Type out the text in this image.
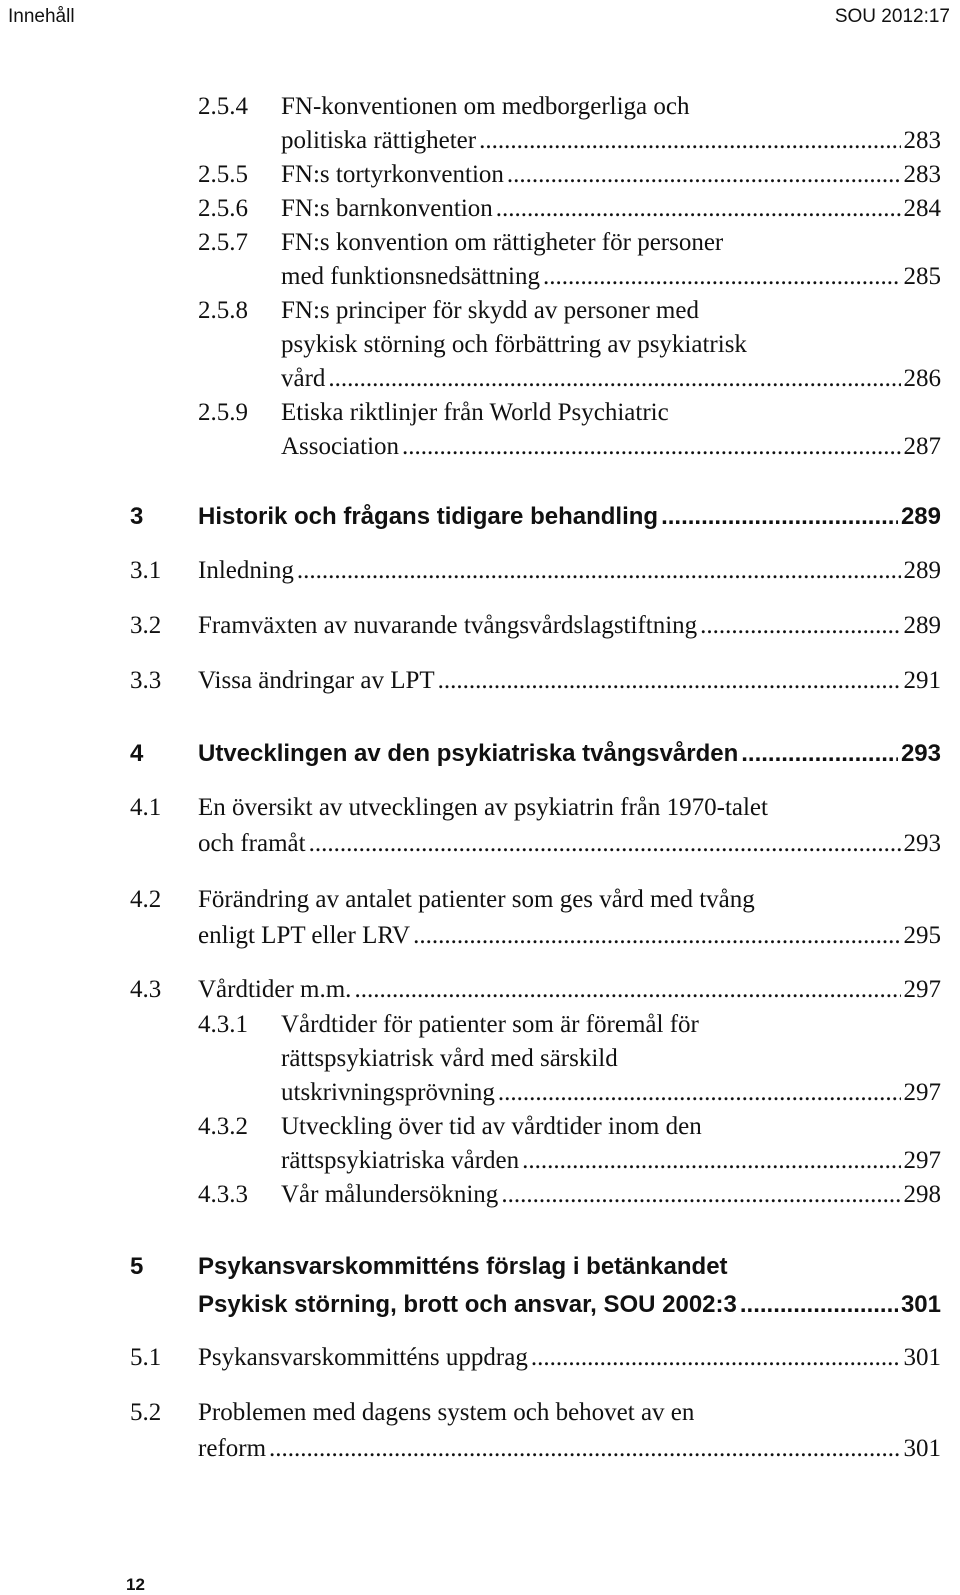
Innehåll	SOU 2012:17
2.5.4 FN-konventionen om medborgerliga och
politiska rättigheter .....	283
2.5.5 FN:s tortyrkonvention .....	283
2.5.6 FN:s barnkonvention .....	284
2.5.7 FN:s konvention om rättigheter för personer
med funktionsnedsättning .....	285
2.5.8 FN:s principer för skydd av personer med
psykisk störning och förbättring av psykiatrisk
vård .....	286
2.5.9 Etiska riktlinjer från World Psychiatric
Association .....	287
3 Historik och frågans tidigare behandling .....	289
3.1 Inledning .....	289
3.2 Framväxten av nuvarande tvångsvårdslagstiftning .....	289
3.3 Vissa ändringar av LPT .....	291
4 Utvecklingen av den psykiatriska tvångsvården .....	293
4.1 En översikt av utvecklingen av psykiatrin från 1970-talet
och framåt .....	293
4.2 Förändring av antalet patienter som ges vård med tvång
enligt LPT eller LRV .....	295
4.3 Vårdtider m.m. .....	297
4.3.1 Vårdtider för patienter som är föremål för
rättspsykiatrisk vård med särskild
utskrivningsprövning .....	297
4.3.2 Utveckling över tid av vårdtider inom den
rättspsykiatriska vården .....	297
4.3.3 Vår målundersökning .....	298
5 Psykansvarskommitténs förslag i betänkandet
Psykisk störning, brott och ansvar, SOU 2002:3 .....	301
5.1 Psykansvarskommitténs uppdrag .....	301
5.2 Problemen med dagens system och behovet av en
reform .....	301
12
